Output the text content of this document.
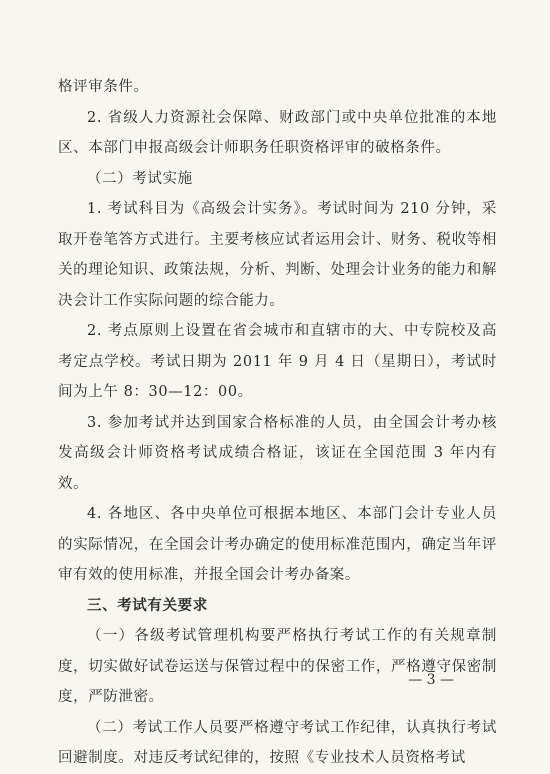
格评审条件。

2. 省级人力资源社会保障、财政部门或中央单位批准的本地区、本部门申报高级会计师职务任职资格评审的破格条件。

（二）考试实施

1. 考试科目为《高级会计实务》。考试时间为 210 分钟，采取开卷笔答方式进行。主要考核应试者运用会计、财务、税收等相关的理论知识、政策法规，分析、判断、处理会计业务的能力和解决会计工作实际问题的综合能力。

2. 考点原则上设置在省会城市和直辖市的大、中专院校及高考定点学校。考试日期为 2011 年 9 月 4 日（星期日），考试时间为上午 8：30—12：00。

3. 参加考试并达到国家合格标准的人员，由全国会计考办核发高级会计师资格考试成绩合格证，该证在全国范围 3 年内有效。

4. 各地区、各中央单位可根据本地区、本部门会计专业人员的实际情况，在全国会计考办确定的使用标准范围内，确定当年评审有效的使用标准，并报全国会计考办备案。

三、考试有关要求

（一）各级考试管理机构要严格执行考试工作的有关规章制度，切实做好试卷运送与保管过程中的保密工作，严格遵守保密制度，严防泄密。

（二）考试工作人员要严格遵守考试工作纪律，认真执行考试回避制度。对违反考试纪律的，按照《专业技术人员资格考试

— 3 —
